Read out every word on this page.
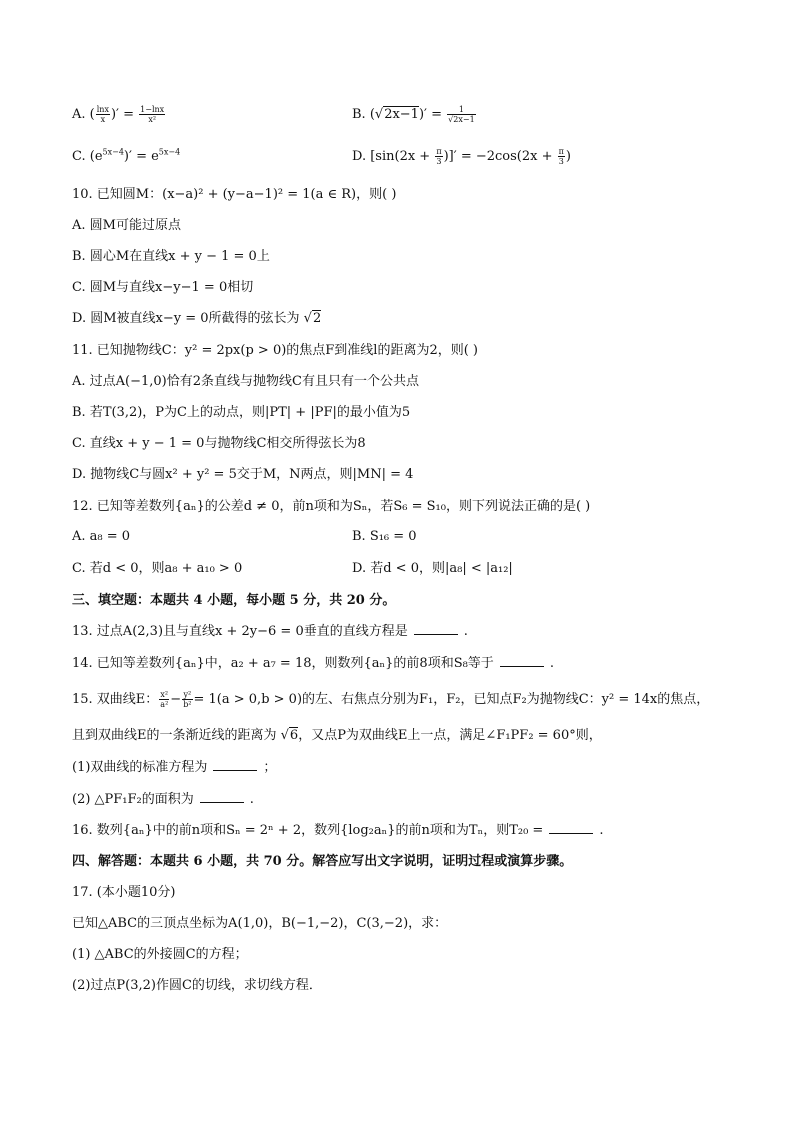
A. ( $\frac{\ln x}{x}$ )′ = $\frac{1-\ln x}{\text{x²}}$	B. $(√2x-1)' = \frac{1}{√2x-1}$
C. $(e^{5x-4})' = e^{5x-4}$	D. [$\sin(2x + \frac{\pi}{3}$ )]′ = $-2\cos(2x + \frac{\pi}{3}$ )
10. 已知圆M：(x−a)² + (y−a−1)² = 1(a ∈ R)，则( )
A. 圆M可能过原点
B. 圆心M在直线x + y − 1 = 0上
C. 圆M与直线x−y−1 = 0相切
D. 圆M被直线x−y = 0所截得的弦长为 √2
11. 已知抛物线C：y² = 2px(p > 0)的焦点F到准线l的距离为2，则( )
A. 过点A(−1,0)恰有2条直线与抛物线C有且只有一个公共点
B. 若T(3,2)，P为C上的动点，则|PT| + |PF|的最小值为5
C. 直线x + y − 1 = 0与抛物线C相交所得弦长为8
D. 抛物线C与圆x² + y² = 5交于M，N两点，则|MN| = 4
12. 已知等差数列{aₙ}的公差d ≠ 0，前n项和为Sₙ，若S₆ = S₁₀，则下列说法正确的是( )
A. a₈ = 0	B. S₁₆ = 0
C. 若d < 0，则a₈ + a₁₀ > 0	D. 若d < 0，则|a₈| < |a₁₂|
三、填空题：本题共 4 小题，每小题 5 分，共 20 分。
13. 过点A(2,3)且与直线x + 2y−6 = 0垂直的直线方程是	.
14. 已知等差数列{aₙ}中，a₂ + a₇ = 18，则数列{aₙ}的前8项和S₈等于	.
15. 双曲线E： $\frac{\text{x²}}{\text{a²}} - \frac{\text{y²}}{\text{b²}} = 1(a > 0,b > 0)$的左、右焦点分别为F₁，F₂，已知点F₂为抛物线C：y² = 14x的焦点，
且到双曲线E的一条渐近线的距离为 √6，又点P为双曲线E上一点，满足∠F₁PF₂ = 60°则，
(1)双曲线的标准方程为	；
(2) △PF₁F₂的面积为	.
16. 数列{aₙ}中的前n项和Sₙ = 2ⁿ + 2，数列{log₂aₙ}的前n项和为Tₙ，则T₂₀ =	.
四、解答题：本题共 6 小题，共 70 分。解答应写出文字说明，证明过程或演算步骤。
17. (本小题10分)
已知△ABC的三顶点坐标为A(1,0)，B(−1,−2)，C(3,−2)，求：
(1) △ABC的外接圆C的方程；
(2)过点P(3,2)作圆C的切线，求切线方程．
